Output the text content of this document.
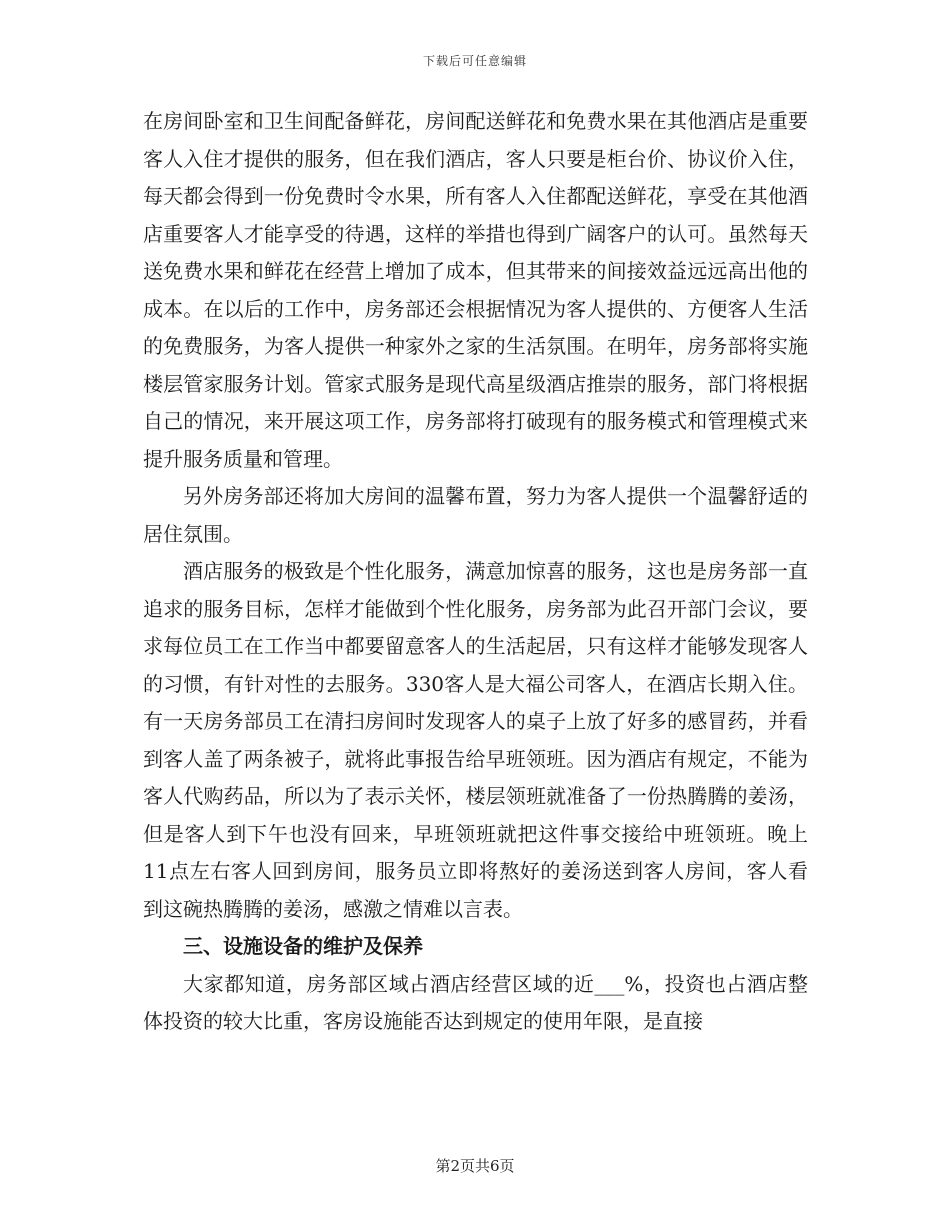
下载后可任意编辑

在房间卧室和卫生间配备鲜花，房间配送鲜花和免费水果在其他酒店是重要客人入住才提供的服务，但在我们酒店，客人只要是柜台价、协议价入住，每天都会得到一份免费时令水果，所有客人入住都配送鲜花，享受在其他酒店重要客人才能享受的待遇，这样的举措也得到广阔客户的认可。虽然每天送免费水果和鲜花在经营上增加了成本，但其带来的间接效益远远高出他的成本。在以后的工作中，房务部还会根据情况为客人提供的、方便客人生活的免费服务，为客人提供一种家外之家的生活氛围。在明年，房务部将实施楼层管家服务计划。管家式服务是现代高星级酒店推崇的服务，部门将根据自己的情况，来开展这项工作，房务部将打破现有的服务模式和管理模式来提升服务质量和管理。

另外房务部还将加大房间的温馨布置，努力为客人提供一个温馨舒适的居住氛围。

酒店服务的极致是个性化服务，满意加惊喜的服务，这也是房务部一直追求的服务目标，怎样才能做到个性化服务，房务部为此召开部门会议，要求每位员工在工作当中都要留意客人的生活起居，只有这样才能够发现客人的习惯，有针对性的去服务。330客人是大福公司客人，在酒店长期入住。有一天房务部员工在清扫房间时发现客人的桌子上放了好多的感冒药，并看到客人盖了两条被子，就将此事报告给早班领班。因为酒店有规定，不能为客人代购药品，所以为了表示关怀，楼层领班就准备了一份热腾腾的姜汤，但是客人到下午也没有回来，早班领班就把这件事交接给中班领班。晚上11点左右客人回到房间，服务员立即将熬好的姜汤送到客人房间，客人看到这碗热腾腾的姜汤，感激之情难以言表。

三、设施设备的维护及保养

大家都知道，房务部区域占酒店经营区域的近___%，投资也占酒店整体投资的较大比重，客房设施能否达到规定的使用年限，是直接

第2页共6页
